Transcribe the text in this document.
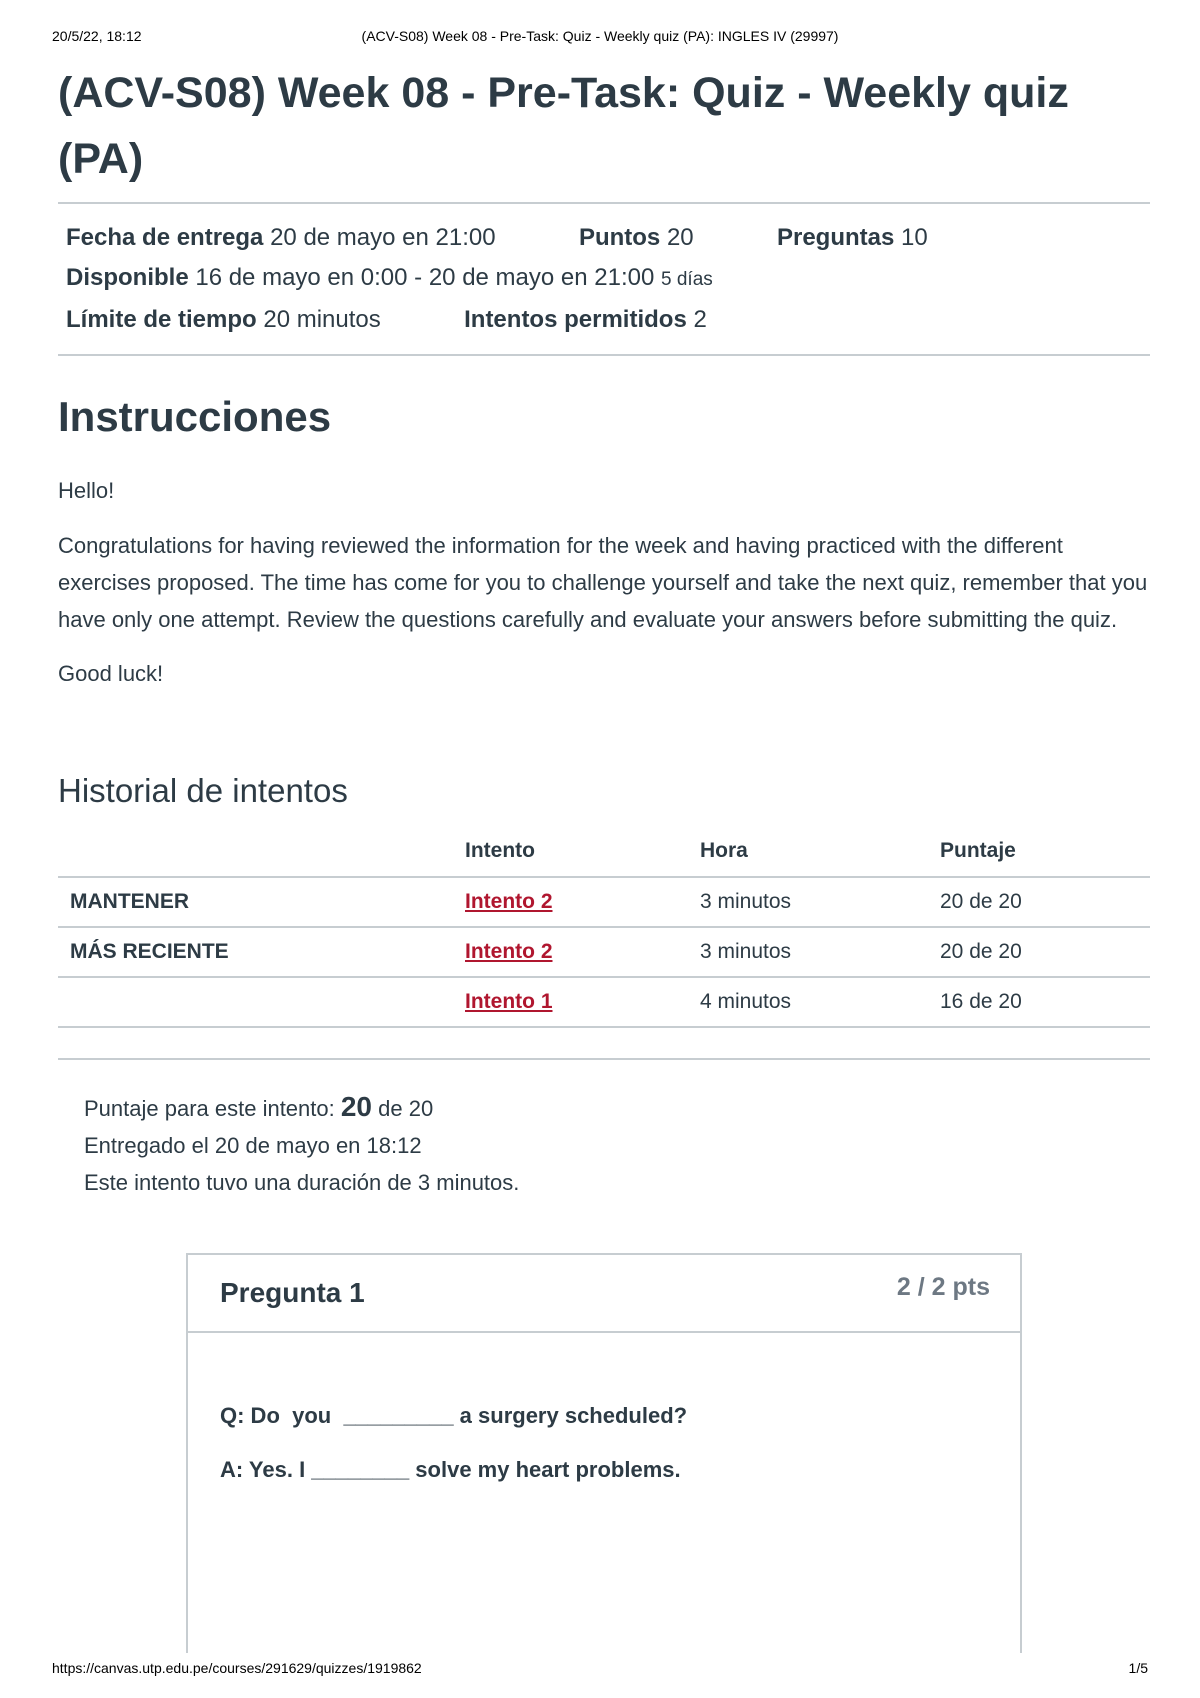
20/5/22, 18:12	(ACV-S08) Week 08 - Pre-Task: Quiz - Weekly quiz (PA): INGLES IV (29997)
(ACV-S08) Week 08 - Pre-Task: Quiz - Weekly quiz (PA)
Fecha de entrega 20 de mayo en 21:00	Puntos 20	Preguntas 10
Disponible 16 de mayo en 0:00 - 20 de mayo en 21:00 5 días
Límite de tiempo 20 minutos	Intentos permitidos 2
Instrucciones

Hello!

Congratulations for having reviewed the information for the week and having practiced with the different exercises proposed. The time has come for you to challenge yourself and take the next quiz, remember that you have only one attempt. Review the questions carefully and evaluate your answers before submitting the quiz.

Good luck!

Historial de intentos
	Intento	Hora	Puntaje
MANTENER	Intento 2	3 minutos	20 de 20
MÁS RECIENTE	Intento 2	3 minutos	20 de 20
	Intento 1	4 minutos	16 de 20
Puntaje para este intento: 20 de 20
Entregado el 20 de mayo en 18:12
Este intento tuvo una duración de 3 minutos.
Pregunta 1	2 / 2 pts

Q: Do  you  _________ a surgery scheduled?

A: Yes. I ________ solve my heart problems.

https://canvas.utp.edu.pe/courses/291629/quizzes/1919862	1/5
